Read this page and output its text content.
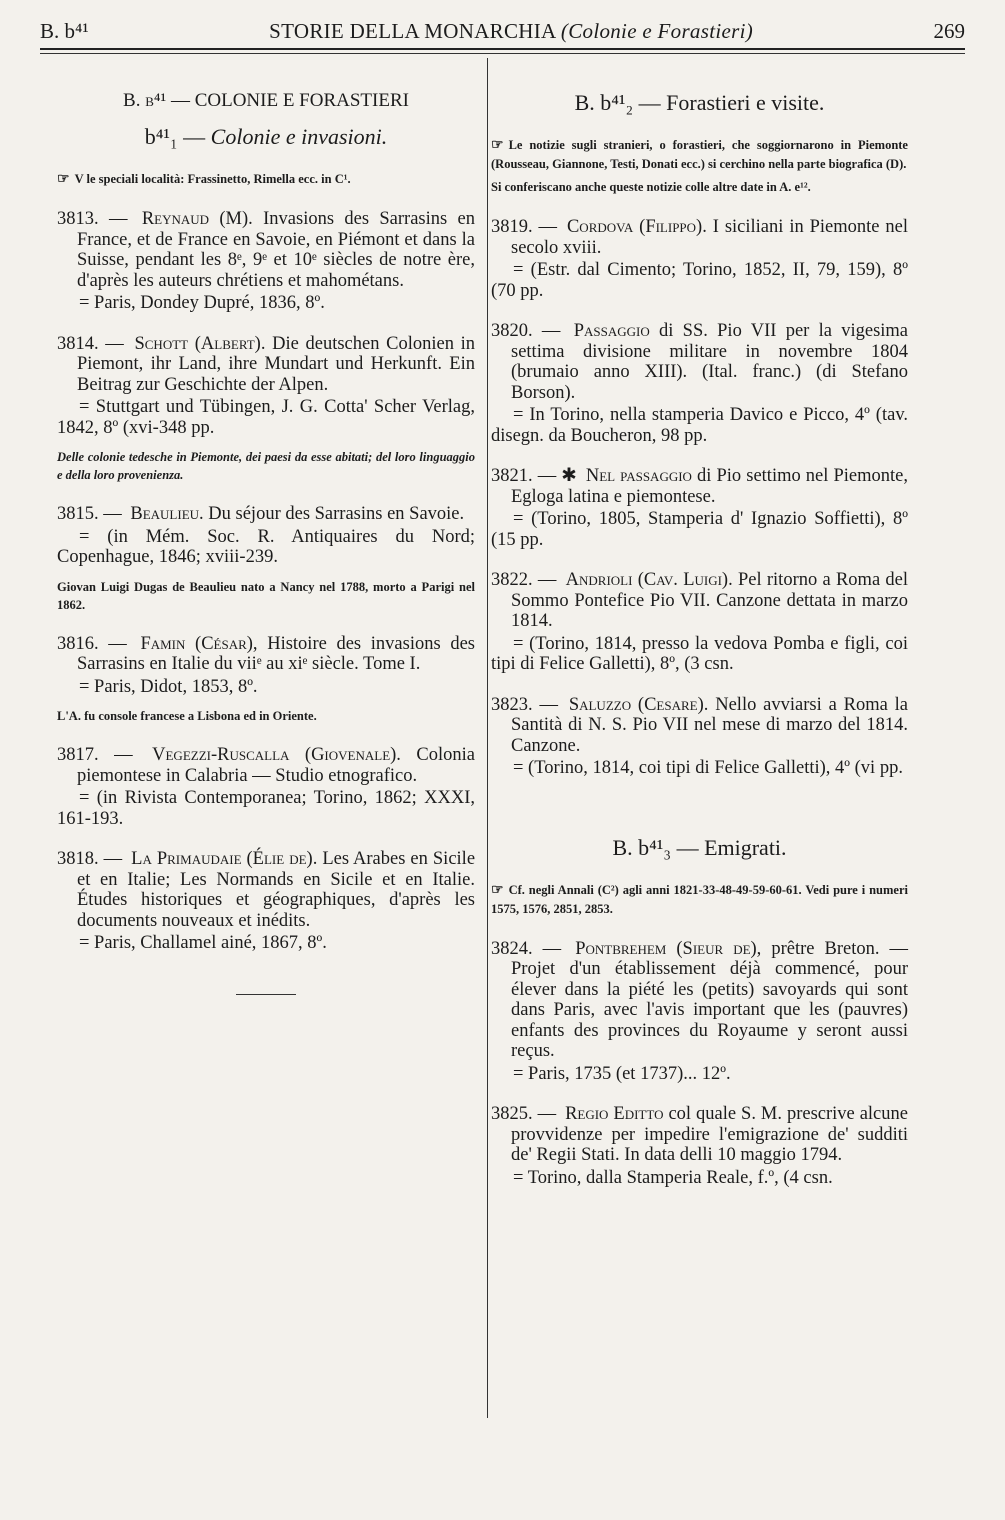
B. b⁴¹	STORIE DELLA MONARCHIA (Colonie e Forastieri)	269
B. b⁴¹ — COLONIE E FORASTIERI
b⁴¹₁ — Colonie e invasioni.
☞ V le speciali località: Frassinetto, Rimella ecc. in C¹.
3813. — Reynaud (M). Invasions des Sarrasins en France, et de France en Savoie, en Piémont et dans la Suisse, pendant les 8ᵉ, 9ᵉ et 10ᵉ siècles de notre ère, d'après les auteurs chrétiens et mahométans.
= Paris, Dondey Dupré, 1836, 8º.
3814. — Schott (Albert). Die deutschen Colonien in Piemont, ihr Land, ihre Mundart und Herkunft. Ein Beitrag zur Geschichte der Alpen.
= Stuttgart und Tübingen, J. G. Cotta' Scher Verlag, 1842, 8º (xvi-348 pp.
Delle colonie tedesche in Piemonte, dei paesi da esse abitati; del loro linguaggio e della loro provenienza.
3815. — Beaulieu. Du séjour des Sarrasins en Savoie.
= (in Mém. Soc. R. Antiquaires du Nord; Copenhague, 1846; xviii-239.
Giovan Luigi Dugas de Beaulieu nato a Nancy nel 1788, morto a Parigi nel 1862.
3816. — Famin (César), Histoire des invasions des Sarrasins en Italie du viiᵉ au xiᵉ siècle. Tome I.
= Paris, Didot, 1853, 8º.
L'A. fu console francese a Lisbona ed in Oriente.
3817. — Vegezzi-Ruscalla (Giovenale). Colonia piemontese in Calabria — Studio etnografico.
= (in Rivista Contemporanea; Torino, 1862; XXXI, 161-193.
3818. — La Primaudaie (Élie de). Les Arabes en Sicile et en Italie; Les Normands en Sicile et en Italie. Études historiques et géographiques, d'après les documents nouveaux et inédits.
= Paris, Challamel ainé, 1867, 8º.
B. b⁴¹₂ — Forastieri e visite.
☞ Le notizie sugli stranieri, o forastieri, che soggiornarono in Piemonte (Rousseau, Giannone, Testi, Donati ecc.) si cerchino nella parte biografica (D).
Si conferiscano anche queste notizie colle altre date in A. e¹².
3819. — Cordova (Filippo). I siciliani in Piemonte nel secolo xviii.
= (Estr. dal Cimento; Torino, 1852, II, 79, 159), 8º (70 pp.
3820. — Passaggio di SS. Pio VII per la vigesima settima divisione militare in novembre 1804 (brumaio anno XIII). (Ital. franc.) (di Stefano Borson).
= In Torino, nella stamperia Davico e Picco, 4º (tav. disegn. da Boucheron, 98 pp.
3821. — ✱ Nel passaggio di Pio settimo nel Piemonte, Egloga latina e piemontese.
= (Torino, 1805, Stamperia d' Ignazio Soffietti), 8º (15 pp.
3822. — Andrioli (Cav. Luigi). Pel ritorno a Roma del Sommo Pontefice Pio VII. Canzone dettata in marzo 1814.
= (Torino, 1814, presso la vedova Pomba e figli, coi tipi di Felice Galletti), 8º, (3 csn.
3823. — Saluzzo (Cesare). Nello avviarsi a Roma la Santità di N. S. Pio VII nel mese di marzo del 1814. Canzone.
= (Torino, 1814, coi tipi di Felice Galletti), 4º (vi pp.
B. b⁴¹₃ — Emigrati.
☞ Cf. negli Annali (C²) agli anni 1821-33-48-49-59-60-61. Vedi pure i numeri 1575, 1576, 2851, 2853.
3824. — Pontbrehem (Sieur de), prêtre Breton. — Projet d'un établissement déjà commencé, pour élever dans la piété les (petits) savoyards qui sont dans Paris, avec l'avis important que les (pauvres) enfants des provinces du Royaume y seront aussi reçus.
= Paris, 1735 (et 1737)... 12º.
3825. — Regio Editto col quale S. M. prescrive alcune provvidenze per impedire l'emigrazione de' sudditi de' Regii Stati. In data delli 10 maggio 1794.
= Torino, dalla Stamperia Reale, f.º, (4 csn.
